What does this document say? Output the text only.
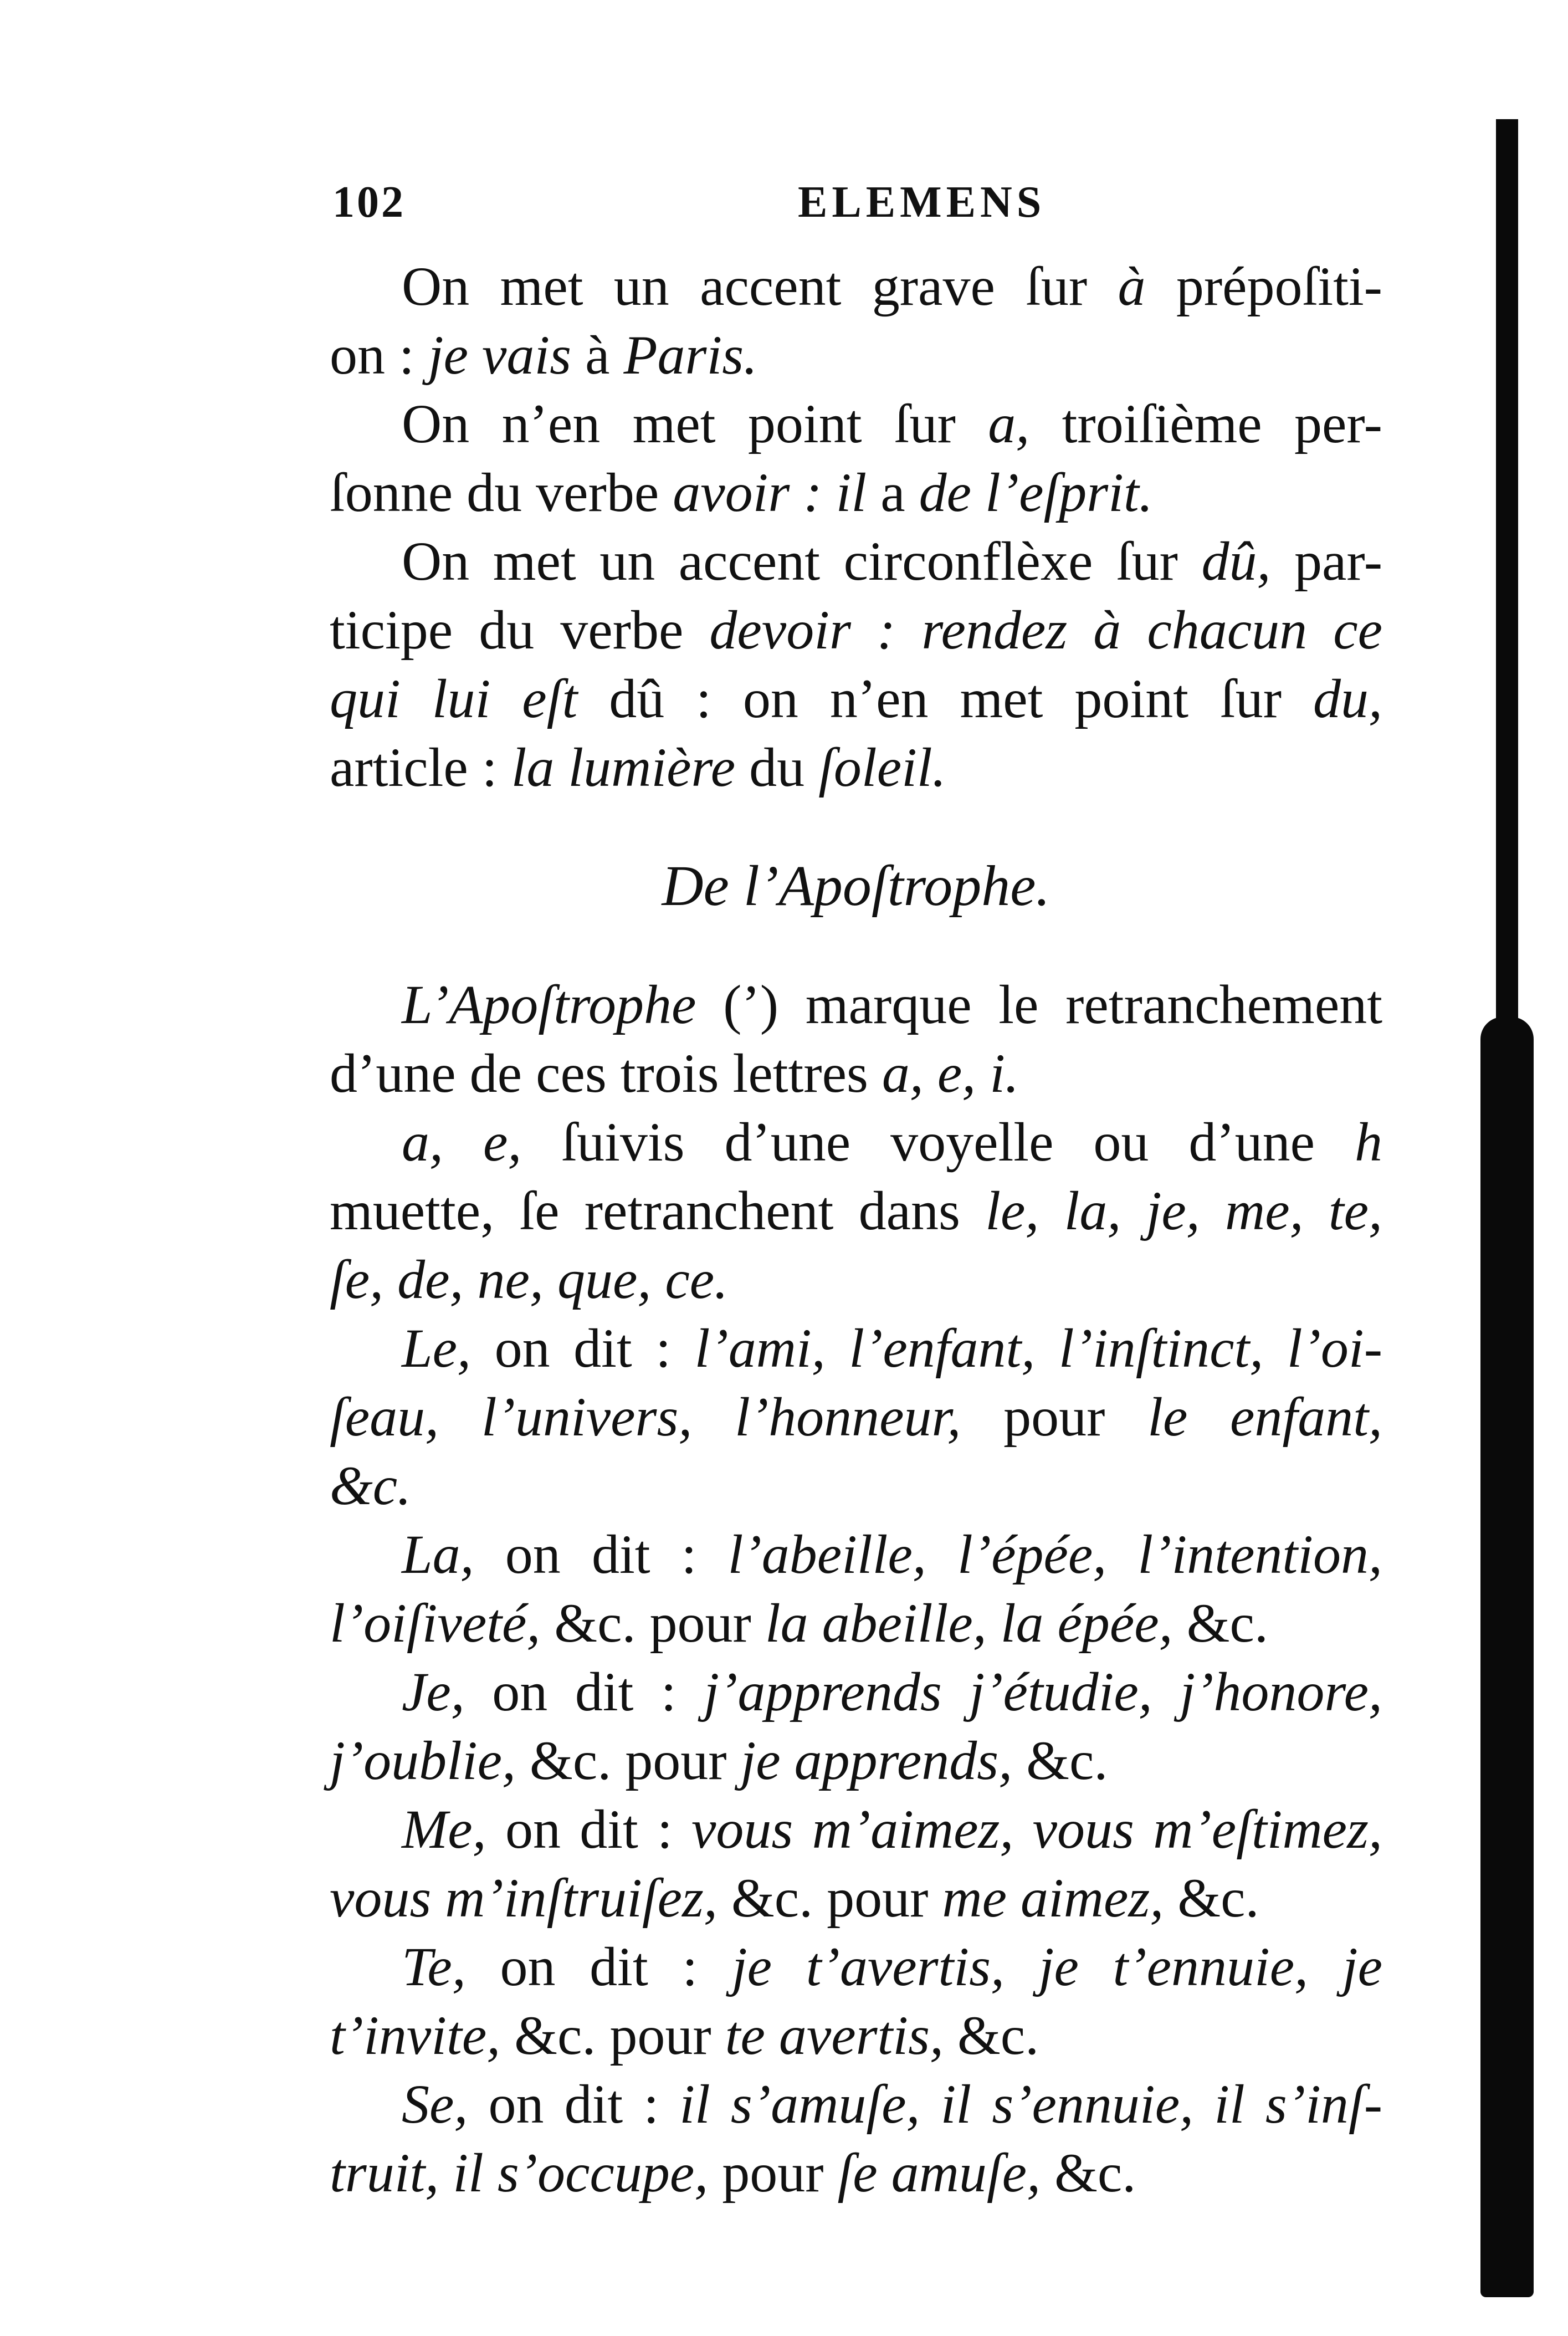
102	ELEMENS
On met un accent grave ſur à prépoſiti-
on : je vais à Paris.
On n’en met point ſur a, troiſième per-
ſonne du verbe avoir : il a de l’eſprit.
On met un accent circonflèxe ſur dû, par-
ticipe du verbe devoir : rendez à chacun ce
qui lui eſt dû : on n’en met point ſur du,
article : la lumière du ſoleil.
De l’Apoſtrophe.
L’Apoſtrophe (’) marque le retranchement
d’une de ces trois lettres a, e, i.
a, e, ſuivis d’une voyelle ou d’une h
muette, ſe retranchent dans le, la, je, me, te,
ſe, de, ne, que, ce.
Le, on dit : l’ami, l’enfant, l’inſtinct, l’oi-
ſeau, l’univers, l’honneur, pour le enfant,
&c.
La, on dit : l’abeille, l’épée, l’intention,
l’oiſiveté, &c. pour la abeille, la épée, &c.
Je, on dit : j’apprends j’étudie, j’honore,
j’oublie, &c. pour je apprends, &c.
Me, on dit : vous m’aimez, vous m’eſtimez,
vous m’inſtruiſez, &c. pour me aimez, &c.
Te, on dit : je t’avertis, je t’ennuie, je
t’invite, &c. pour te avertis, &c.
Se, on dit : il s’amuſe, il s’ennuie, il s’inſ-
truit, il s’occupe, pour ſe amuſe, &c.
